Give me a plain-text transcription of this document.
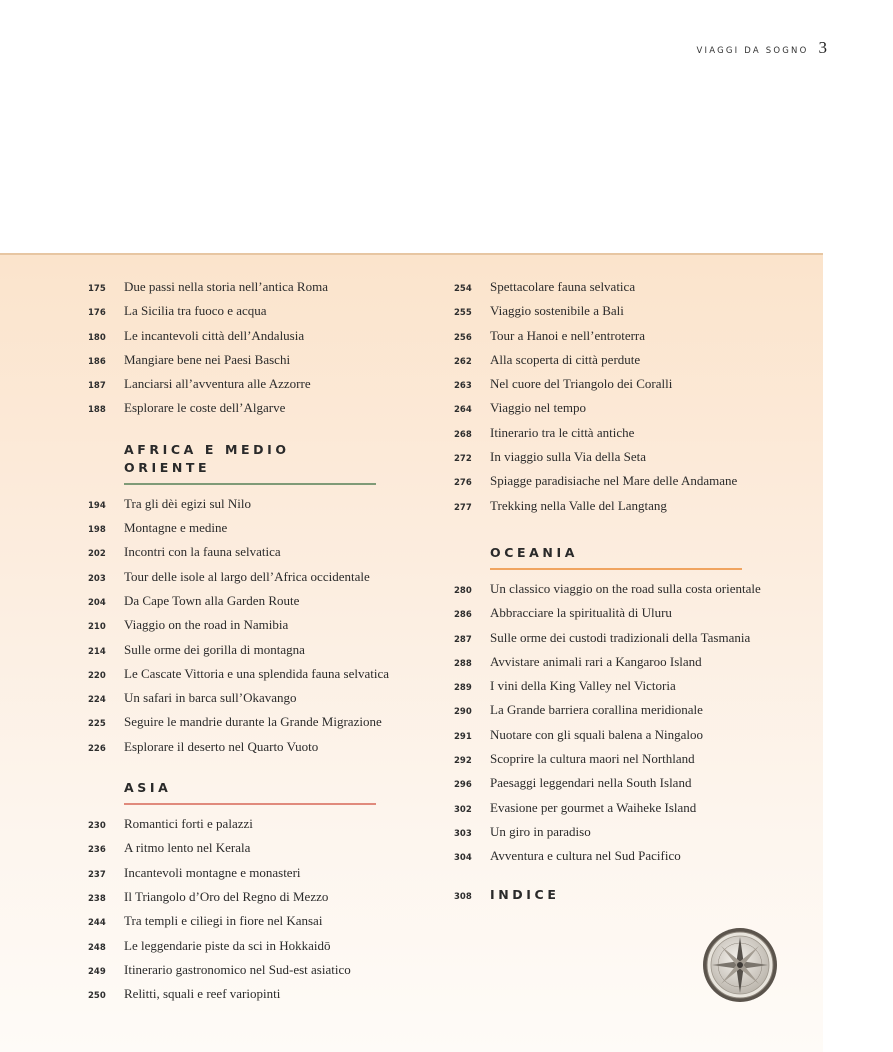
VIAGGI DA SOGNO 3
175	Due passi nella storia nell’antica Roma
176	La Sicilia tra fuoco e acqua
180	Le incantevoli città dell’Andalusia
186	Mangiare bene nei Paesi Baschi
187	Lanciarsi all’avventura alle Azzorre
188	Esplorare le coste dell’Algarve
AFRICA E MEDIO ORIENTE
194	Tra gli dèi egizi sul Nilo
198	Montagne e medine
202	Incontri con la fauna selvatica
203	Tour delle isole al largo dell’Africa occidentale
204	Da Cape Town alla Garden Route
210	Viaggio on the road in Namibia
214	Sulle orme dei gorilla di montagna
220	Le Cascate Vittoria e una splendida fauna selvatica
224	Un safari in barca sull’Okavango
225	Seguire le mandrie durante la Grande Migrazione
226	Esplorare il deserto nel Quarto Vuoto
ASIA
230	Romantici forti e palazzi
236	A ritmo lento nel Kerala
237	Incantevoli montagne e monasteri
238	Il Triangolo d’Oro del Regno di Mezzo
244	Tra templi e ciliegi in fiore nel Kansai
248	Le leggendarie piste da sci in Hokkaidō
249	Itinerario gastronomico nel Sud-est asiatico
250	Relitti, squali e reef variopinti
254	Spettacolare fauna selvatica
255	Viaggio sostenibile a Bali
256	Tour a Hanoi e nell’entroterra
262	Alla scoperta di città perdute
263	Nel cuore del Triangolo dei Coralli
264	Viaggio nel tempo
268	Itinerario tra le città antiche
272	In viaggio sulla Via della Seta
276	Spiagge paradisiache nel Mare delle Andamane
277	Trekking nella Valle del Langtang
OCEANIA
280	Un classico viaggio on the road sulla costa orientale
286	Abbracciare la spiritualità di Uluru
287	Sulle orme dei custodi tradizionali della Tasmania
288	Avvistare animali rari a Kangaroo Island
289	I vini della King Valley nel Victoria
290	La Grande barriera corallina meridionale
291	Nuotare con gli squali balena a Ningaloo
292	Scoprire la cultura maori nel Northland
296	Paesaggi leggendari nella South Island
302	Evasione per gourmet a Waiheke Island
303	Un giro in paradiso
304	Avventura e cultura nel Sud Pacifico
308	INDICE
